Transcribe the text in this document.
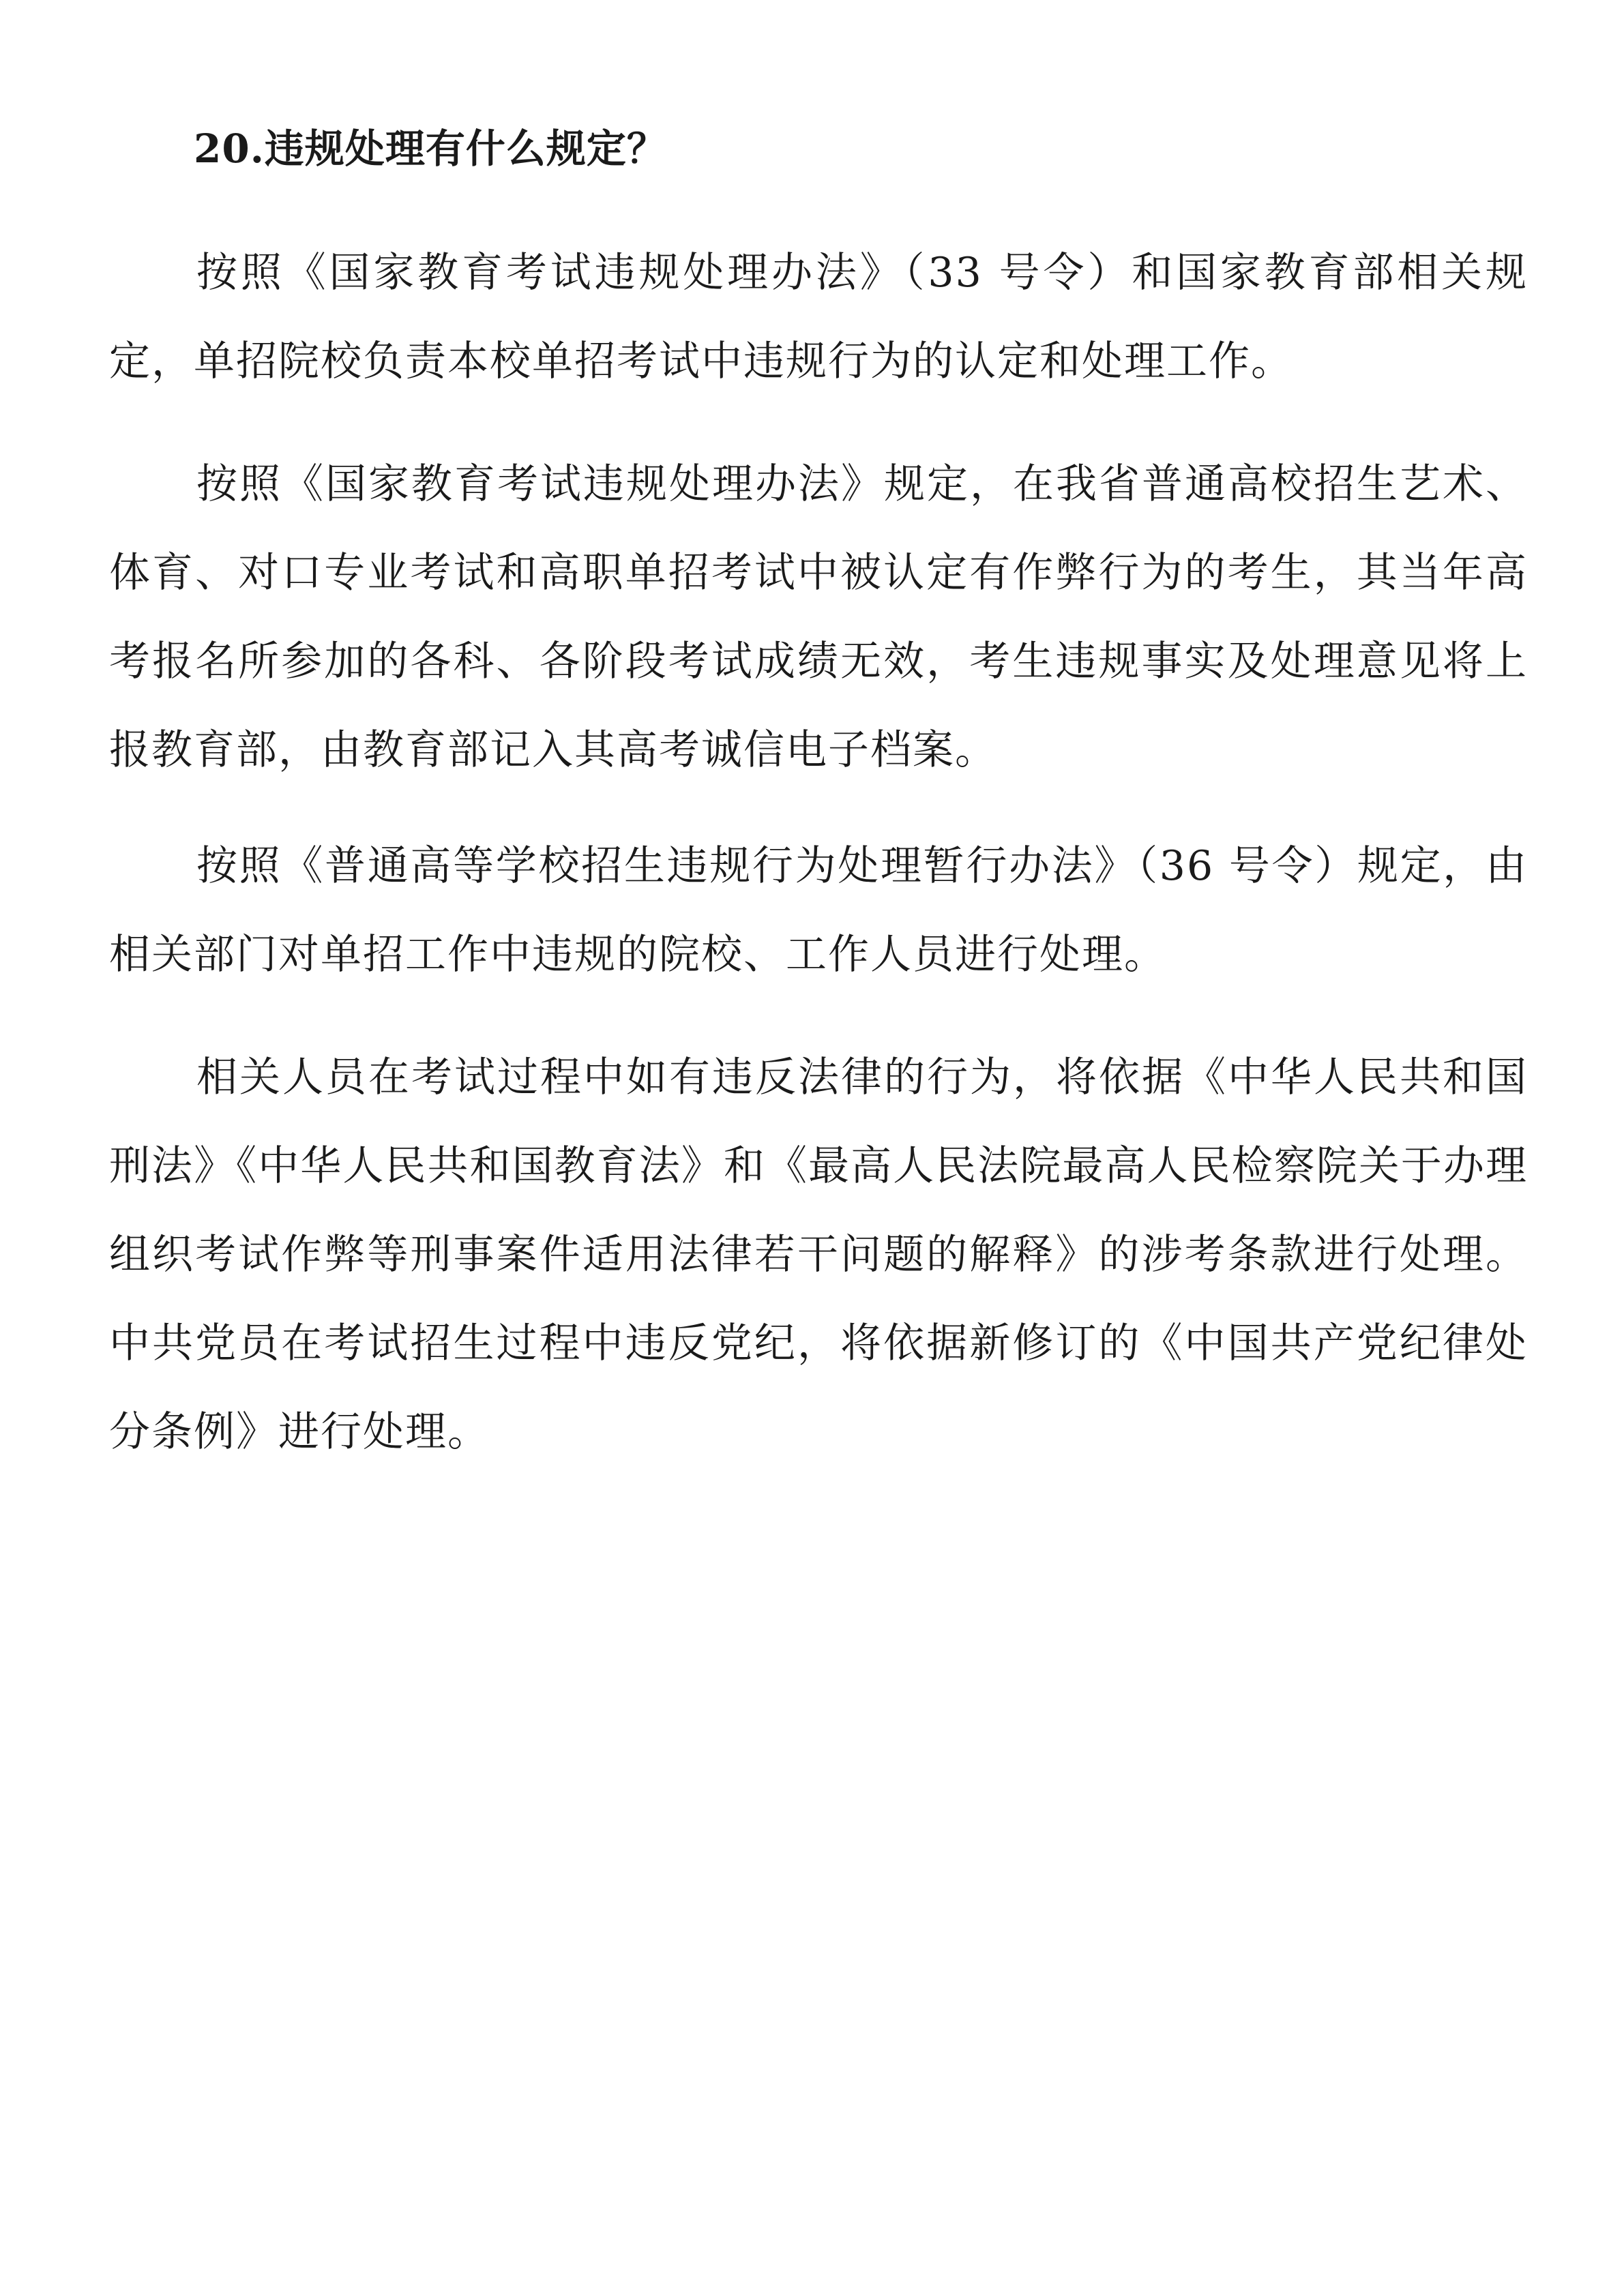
20.违规处理有什么规定？

按照《国家教育考试违规处理办法》（33 号令）和国家教育部相关规定，单招院校负责本校单招考试中违规行为的认定和处理工作。

按照《国家教育考试违规处理办法》规定，在我省普通高校招生艺术、体育、对口专业考试和高职单招考试中被认定有作弊行为的考生，其当年高考报名所参加的各科、各阶段考试成绩无效，考生违规事实及处理意见将上报教育部，由教育部记入其高考诚信电子档案。

按照《普通高等学校招生违规行为处理暂行办法》（36 号令）规定，由相关部门对单招工作中违规的院校、工作人员进行处理。

相关人员在考试过程中如有违反法律的行为，将依据《中华人民共和国刑法》《中华人民共和国教育法》和《最高人民法院最高人民检察院关于办理组织考试作弊等刑事案件适用法律若干问题的解释》的涉考条款进行处理。中共党员在考试招生过程中违反党纪，将依据新修订的《中国共产党纪律处分条例》进行处理。
